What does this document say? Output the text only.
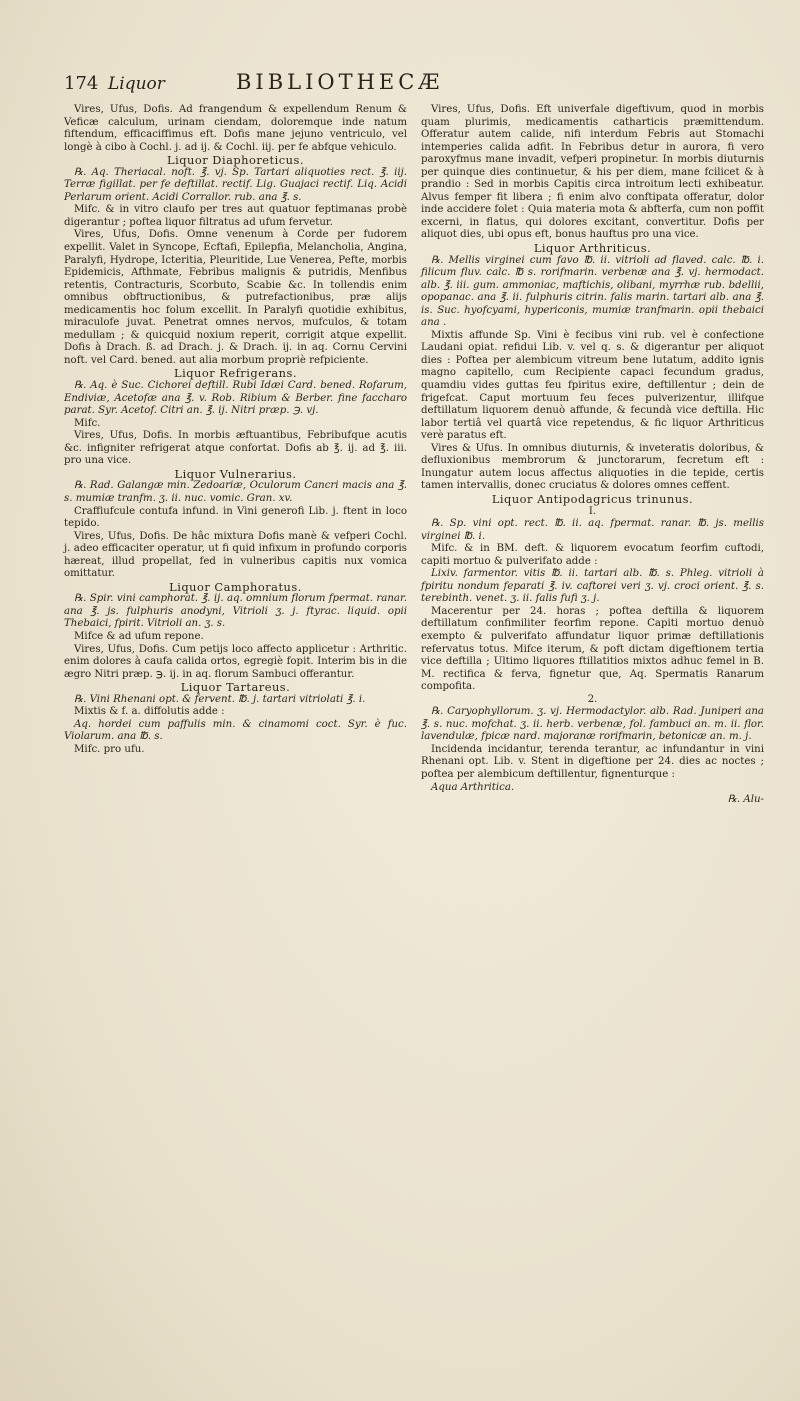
174 Liquor	BIBLIOTHECÆ

Vires, Ufus, Dofis. Ad frangendum & expellendum Renum & Veficæ calculum, urinam ciendam, doloremque inde natum fiftendum, efficaciffimus eft. Dofis mane jejuno ventriculo, vel longè à cibo à Cochl. j. ad ij. & Cochl. iij. per fe abfque vehiculo.

Liquor Diaphoreticus.

℞. Aq. Theriacal. noft. ℥. vj. Sp. Tartari aliquoties rect. ℥. iij. Terræ figillat. per fe deftillat. rectif. Lig. Guajaci rectif. Liq. Acidi Perlarum orient. Acidi Corrallor. rub. ana ℥. s.

Mifc. & in vitro claufo per tres aut quatuor feptimanas probè digerantur ; poftea liquor filtratus ad ufum fervetur.

Vires, Ufus, Dofis. Omne venenum à Corde per fudorem expellit. Valet in Syncope, Ecftafi, Epilepfia, Melancholia, Angina, Paralyfi, Hydrope, Icteritia, Pleuritide, Lue Venerea, Pefte, morbis Epidemicis, Afthmate, Febribus malignis & putridis, Menfibus retentis, Contracturis, Scorbuto, Scabie &c. In tollendis enim omnibus obftructionibus, & putrefactionibus, præ alijs medicamentis hoc folum excellit. In Paralyfi quotidie exhibitus, miraculofe juvat. Penetrat omnes nervos, mufculos, & totam medullam ; & quicquid noxium reperit, corrigit atque expellit. Dofis à Drach. ß. ad Drach. j. & Drach. ij. in aq. Cornu Cervini noft. vel Card. bened. aut alia morbum propriè refpiciente.

Liquor Refrigerans.

℞. Aq. è Suc. Cichorei deftill. Rubi Idæi Card. bened. Rofarum, Endiviæ, Acetofæ ana ℥. v. Rob. Ribium & Berber. fine faccharo parat. Syr. Acetof. Citri an. ℥. ij. Nitri præp. ℈. vj.

Mifc.

Vires, Ufus, Dofis. In morbis æftuantibus, Febribufque acutis &c. infigniter refrigerat atque confortat. Dofis ab ℥. ij. ad ℥. iii. pro una vice.

Liquor Vulnerarius.

℞. Rad. Galangæ min. Zedoariæ, Oculorum Cancri macis ana ℥. s. mumiæ tranfm. ʒ. ii. nuc. vomic. Gran. xv.

Craffiufcule contufa infund. in Vini generofi Lib. j. ftent in loco tepido.

Vires, Ufus, Dofis. De hâc mixtura Dofis manè & vefperi Cochl. j. adeo efficaciter operatur, ut fi quid infixum in profundo corporis hæreat, illud propellat, fed in vulneribus capitis nux vomica omittatur.

Liquor Camphoratus.

℞. Spir. vini camphorat. ℥. ij. aq. omnium florum fpermat. ranar. ana ℥. js. fulphuris anodyni, Vitrioli ʒ. j. ftyrac. liquid. opii Thebaici, fpirit. Vitrioli an. ʒ. s.

Mifce & ad ufum repone.

Vires, Ufus, Dofis. Cum petijs loco affecto applicetur : Arthritic. enim dolores à caufa calida ortos, egregiè fopit. Interim bis in die ægro Nitri præp. ℈. ij. in aq. florum Sambuci offerantur.

Liquor Tartareus.

℞. Vini Rhenani opt. & fervent. ℔. j. tartari vitriolati ℥. i.

Mixtis & f. a. diffolutis adde :

Aq. hordei cum paffulis min. & cinamomi coct. Syr. è fuc. Violarum. ana ℔. s.

Mifc. pro ufu.

Vires, Ufus, Dofis. Eft univerfale digeftivum, quod in morbis quam plurimis, medicamentis catharticis præmittendum. Offeratur autem calide, nifi interdum Febris aut Stomachi intemperies calida adfit. In Febribus detur in aurora, fi vero paroxyfmus mane invadit, vefperi propinetur. In morbis diuturnis per quinque dies continuetur, & his per diem, mane fcilicet & à prandio : Sed in morbis Capitis circa introitum lecti exhibeatur. Alvus femper fit libera ; fi enim alvo conftipata offeratur, dolor inde accidere folet : Quia materia mota & abfterfa, cum non poffit excerni, in flatus, qui dolores excitant, convertitur. Dofis per aliquot dies, ubi opus eft, bonus hauftus pro una vice.

Liquor Arthriticus.

℞. Mellis virginei cum favo ℔. ii. vitrioli ad flaved. calc. ℔. i. filicum fluv. calc. ℔ s. rorifmarin. verbenæ ana ℥. vj. hermodact. alb. ℥. iii. gum. ammoniac, maftichis, olibani, myrrhæ rub. bdellii, opopanac. ana ℥. ii. fulphuris citrin. falis marin. tartari alb. ana ℥. is. Suc. hyofcyami, hypericonis, mumiæ tranfmarin. opii thebaici ana .

Mixtis affunde Sp. Vini è fecibus vini rub. vel è confectione Laudani opiat. refidui Lib. v. vel q. s. & digerantur per aliquot dies : Poftea per alembicum vitreum bene lutatum, addito ignis magno capitello, cum Recipiente capaci fecundum gradus, quamdiu vides guttas feu fpiritus exire, deftillentur ; dein de frigefcat. Caput mortuum feu feces pulverizentur, illifque deftillatum liquorem denuò affunde, & fecundà vice deftilla. Hic labor tertiâ vel quartâ vice repetendus, & fic liquor Arthriticus verè paratus eft.

Vires & Ufus. In omnibus diuturnis, & inveteratis doloribus, & defluxionibus membrorum & junctorarum, fecretum eft : Inungatur autem locus affectus aliquoties in die tepide, certis tamen intervallis, donec cruciatus & dolores omnes ceffent.

Liquor Antipodagricus trinunus.

I.

℞. Sp. vini opt. rect. ℔. ii. aq. fpermat. ranar. ℔. js. mellis virginei ℔. i.

Mifc. & in BM. deft. & liquorem evocatum feorfim cuftodi, capiti mortuo & pulverifato adde :

Lixiv. farmentor. vitis ℔. ii. tartari alb. ℔. s. Phleg. vitrioli à fpiritu nondum feparati ℥. iv. caftorei veri ʒ. vj. croci orient. ℥. s. terebinth. venet. ʒ. ii. falis fufi ʒ. j.

Macerentur per 24. horas ; poftea deftilla & liquorem deftillatum confimiliter feorfim repone. Capiti mortuo denuò exempto & pulverifato affundatur liquor primæ deftillationis refervatus totus. Mifce iterum, & poft dictam digeftionem tertia vice deftilla ; Ultimo liquores ftillatitios mixtos adhuc femel in B. M. rectifica & ferva, fignetur que, Aq. Spermatis Ranarum compofita.

2.

℞. Caryophyllorum. ʒ. vj. Hermodactylor. alb. Rad. Juniperi ana ℥. s. nuc. mofchat. ʒ. ii. herb. verbenæ, fol. fambuci an. m. ii. flor. lavendulæ, fpicæ nard. majoranæ rorifmarin, betonicæ an. m. j.

Incidenda incidantur, terenda terantur, ac infundantur in vini Rhenani opt. Lib. v. Stent in digeftione per 24. dies ac noctes ; poftea per alembicum deftillentur, fignenturque :

Aqua Arthritica.

℞. Alu-
